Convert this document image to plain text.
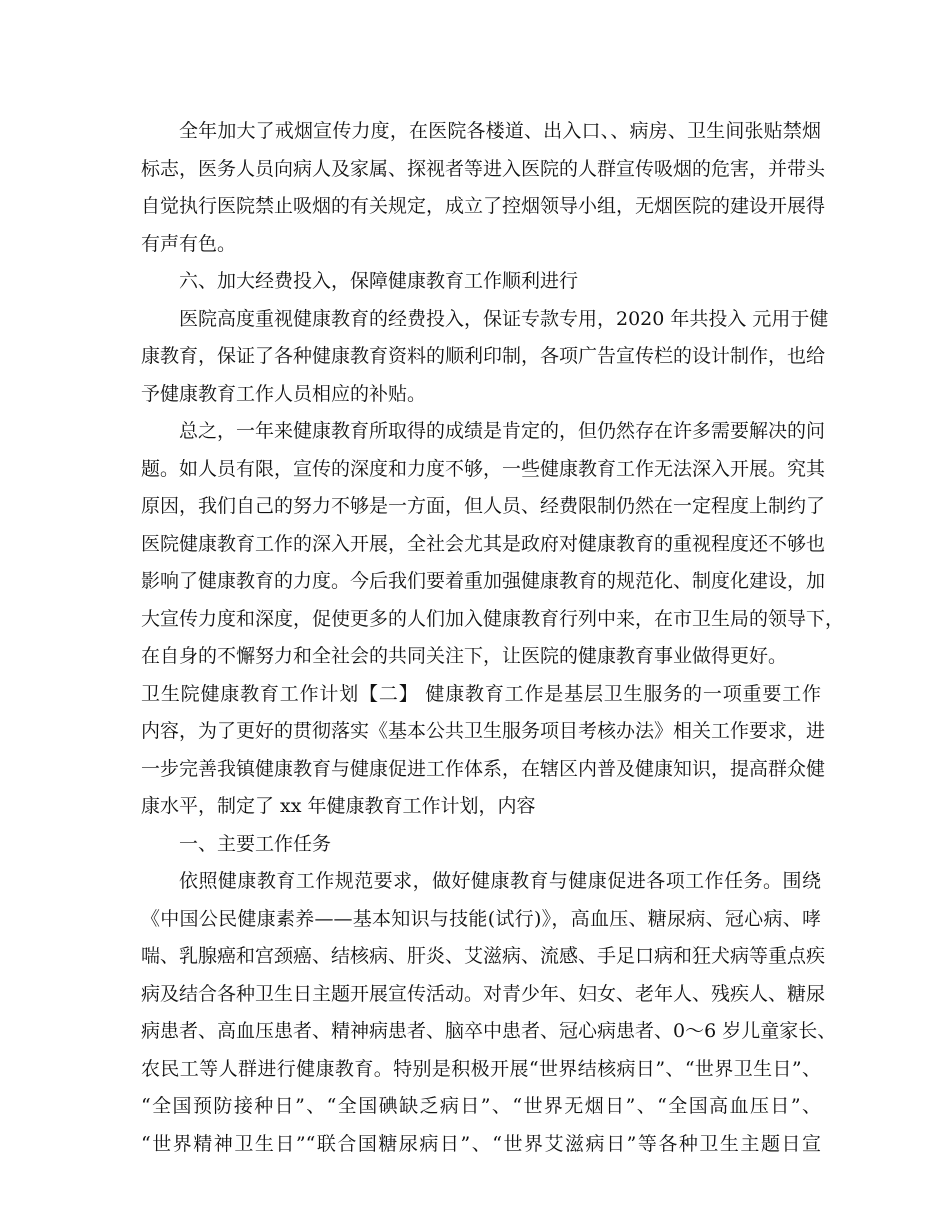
全年加大了戒烟宣传力度，在医院各楼道、出入口、、病房、卫生间张贴禁烟
标志，医务人员向病人及家属、探视者等进入医院的人群宣传吸烟的危害，并带头
自觉执行医院禁止吸烟的有关规定，成立了控烟领导小组，无烟医院的建设开展得
有声有色。
六、加大经费投入，保障健康教育工作顺利进行
医院高度重视健康教育的经费投入，保证专款专用，2020 年共投入 元用于健
康教育，保证了各种健康教育资料的顺利印制，各项广告宣传栏的设计制作，也给
予健康教育工作人员相应的补贴。
总之，一年来健康教育所取得的成绩是肯定的，但仍然存在许多需要解决的问
题。如人员有限，宣传的深度和力度不够，一些健康教育工作无法深入开展。究其
原因，我们自己的努力不够是一方面，但人员、经费限制仍然在一定程度上制约了
医院健康教育工作的深入开展，全社会尤其是政府对健康教育的重视程度还不够也
影响了健康教育的力度。今后我们要着重加强健康教育的规范化、制度化建设，加
大宣传力度和深度，促使更多的人们加入健康教育行列中来，在市卫生局的领导下，
在自身的不懈努力和全社会的共同关注下，让医院的健康教育事业做得更好。
卫生院健康教育工作计划【二】 健康教育工作是基层卫生服务的一项重要工作
内容，为了更好的贯彻落实《基本公共卫生服务项目考核办法》相关工作要求，进
一步完善我镇健康教育与健康促进工作体系，在辖区内普及健康知识，提高群众健
康水平，制定了 xx 年健康教育工作计划，内容
一、主要工作任务
依照健康教育工作规范要求，做好健康教育与健康促进各项工作任务。围绕
《中国公民健康素养——基本知识与技能(试行)》，高血压、糖尿病、冠心病、哮
喘、乳腺癌和宫颈癌、结核病、肝炎、艾滋病、流感、手足口病和狂犬病等重点疾
病及结合各种卫生日主题开展宣传活动。对青少年、妇女、老年人、残疾人、糖尿
病患者、高血压患者、精神病患者、脑卒中患者、冠心病患者、0～6 岁儿童家长、
农民工等人群进行健康教育。特别是积极开展“世界结核病日”、“世界卫生日”、
“全国预防接种日”、“全国碘缺乏病日”、“世界无烟日”、“全国高血压日”、
“世界精神卫生日”“联合国糖尿病日”、“世界艾滋病日”等各种卫生主题日宣
